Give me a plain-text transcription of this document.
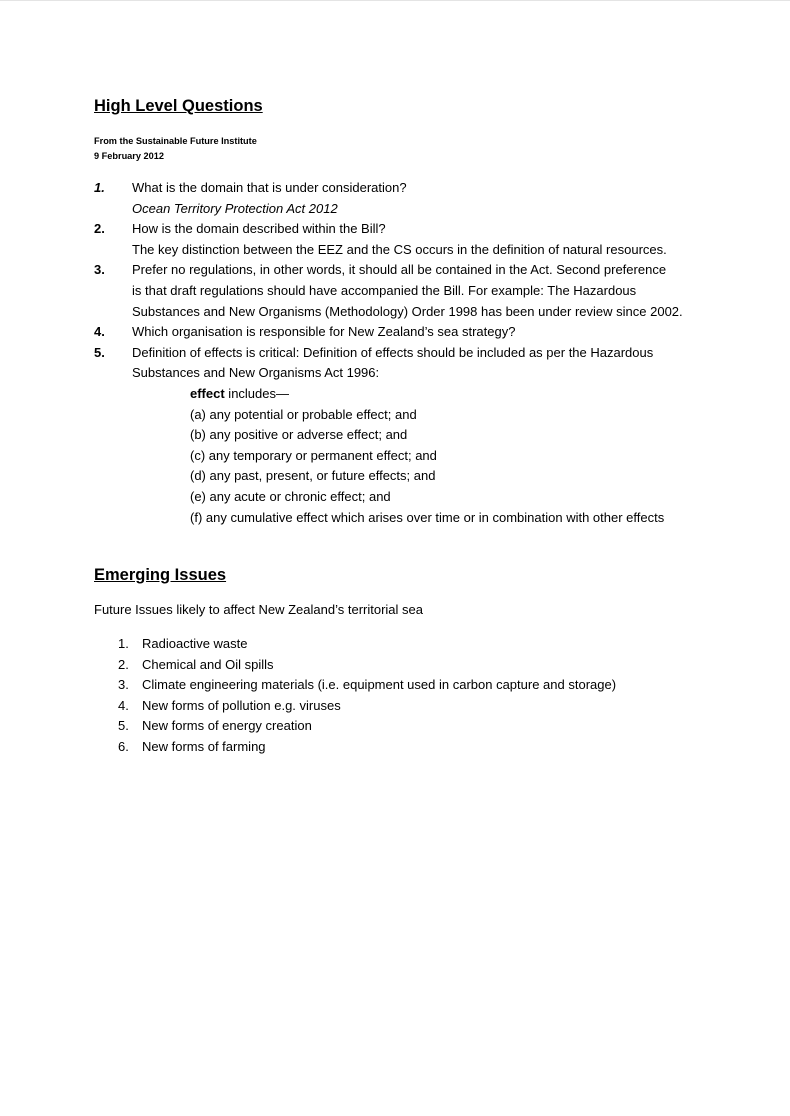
High Level Questions
From the Sustainable Future Institute
9 February 2012
1. What is the domain that is under consideration?
Ocean Territory Protection Act 2012
2. How is the domain described within the Bill?
The key distinction between the EEZ and the CS occurs in the definition of natural resources.
3. Prefer no regulations, in other words, it should all be contained in the Act. Second preference
is that draft regulations should have accompanied the Bill. For example: The Hazardous
Substances and New Organisms (Methodology) Order 1998 has been under review since 2002.
4. Which organisation is responsible for New Zealand’s sea strategy?
5. Definition of effects is critical: Definition of effects should be included as per the Hazardous
Substances and New Organisms Act 1996:
effect includes—
(a) any potential or probable effect; and
(b) any positive or adverse effect; and
(c) any temporary or permanent effect; and
(d) any past, present, or future effects; and
(e) any acute or chronic effect; and
(f) any cumulative effect which arises over time or in combination with other effects
Emerging Issues
Future Issues likely to affect New Zealand’s territorial sea
1. Radioactive waste
2. Chemical and Oil spills
3. Climate engineering materials (i.e. equipment used in carbon capture and storage)
4. New forms of pollution e.g. viruses
5. New forms of energy creation
6. New forms of farming
